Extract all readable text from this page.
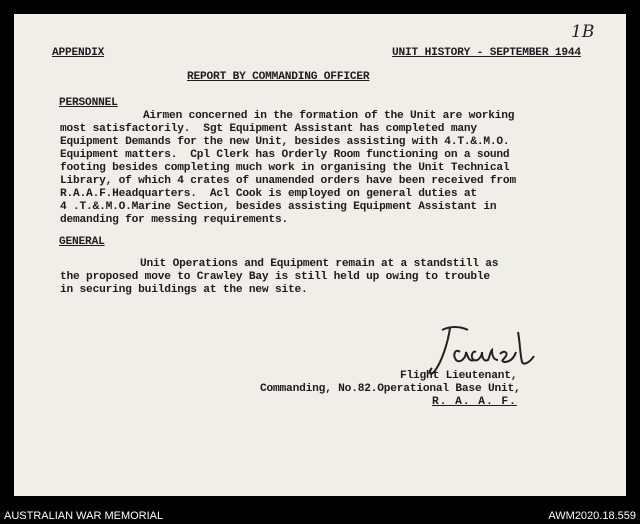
APPENDIX	UNIT HISTORY - SEPTEMBER 1944
1B
REPORT BY COMMANDING OFFICER
PERSONNEL
Airmen concerned in the formation of the Unit are working
most satisfactorily.  Sgt Equipment Assistant has completed many
Equipment Demands for the new Unit, besides assisting with 4.T.&.M.O.
Equipment matters.  Cpl Clerk has Orderly Room functioning on a sound
footing besides completing much work in organising the Unit Technical
Library, of which 4 crates of unamended orders have been received from
R.A.A.F.Headquarters.  Acl Cook is employed on general duties at
4 .T.&.M.O.Marine Section, besides assisting Equipment Assistant in
demanding for messing requirements.
GENERAL
Unit Operations and Equipment remain at a standstill as
the proposed move to Crawley Bay is still held up owing to trouble
in securing buildings at the new site.
Flight Lieutenant,
Commanding, No.82.Operational Base Unit,
R. A. A. F.
AUSTRALIAN WAR MEMORIAL	AWM2020.18.559
